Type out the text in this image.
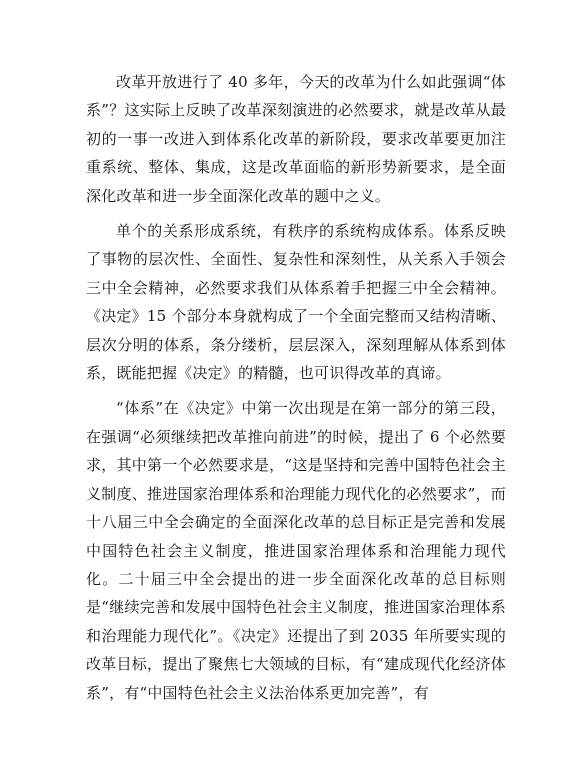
改革开放进行了 40 多年，今天的改革为什么如此强调“体系”？这实际上反映了改革深刻演进的必然要求，就是改革从最初的一事一改进入到体系化改革的新阶段，要求改革要更加注重系统、整体、集成，这是改革面临的新形势新要求，是全面深化改革和进一步全面深化改革的题中之义。

单个的关系形成系统，有秩序的系统构成体系。体系反映了事物的层次性、全面性、复杂性和深刻性，从关系入手领会三中全会精神，必然要求我们从体系着手把握三中全会精神。《决定》15 个部分本身就构成了一个全面完整而又结构清晰、层次分明的体系，条分缕析，层层深入，深刻理解从体系到体系，既能把握《决定》的精髓，也可识得改革的真谛。

“体系”在《决定》中第一次出现是在第一部分的第三段，在强调“必须继续把改革推向前进”的时候，提出了 6 个必然要求，其中第一个必然要求是，“这是坚持和完善中国特色社会主义制度、推进国家治理体系和治理能力现代化的必然要求”，而十八届三中全会确定的全面深化改革的总目标正是完善和发展中国特色社会主义制度，推进国家治理体系和治理能力现代化。二十届三中全会提出的进一步全面深化改革的总目标则是“继续完善和发展中国特色社会主义制度，推进国家治理体系和治理能力现代化”。《决定》还提出了到 2035 年所要实现的改革目标，提出了聚焦七大领域的目标，有“建成现代化经济体系”，有“中国特色社会主义法治体系更加完善”，有
